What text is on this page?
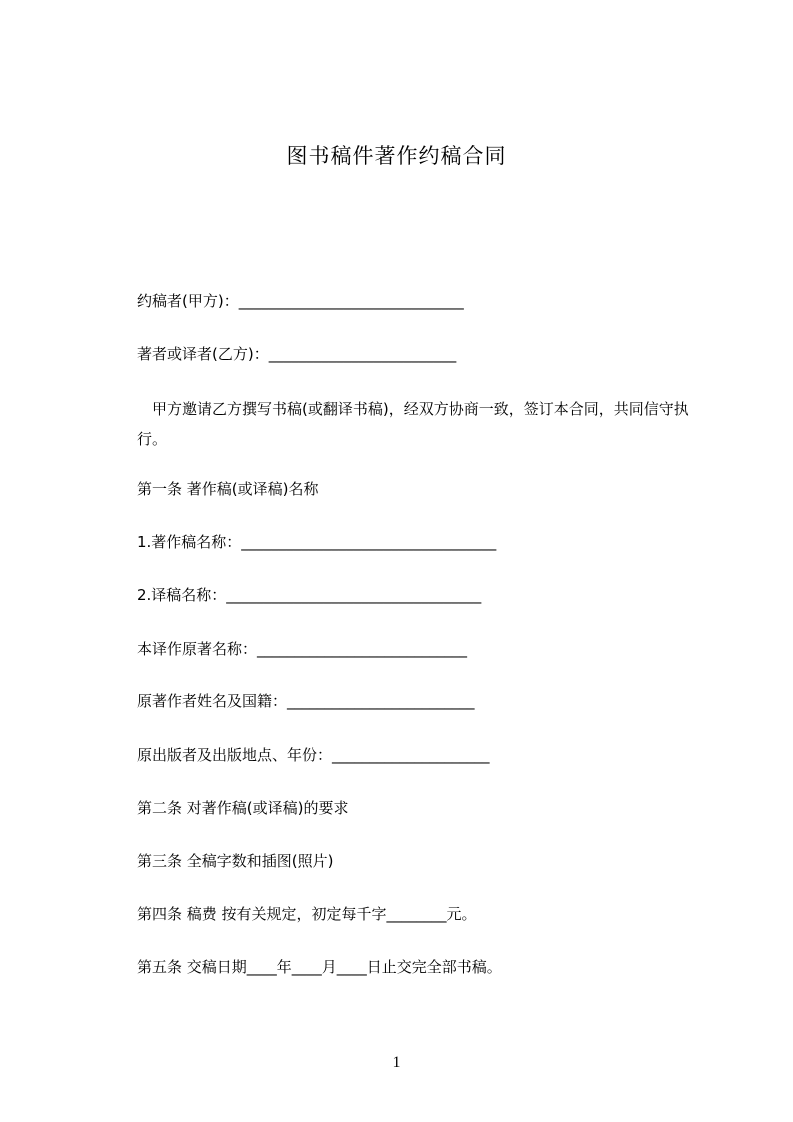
图书稿件著作约稿合同
约稿者(甲方)：______________________________
著者或译者(乙方)：_________________________

甲方邀请乙方撰写书稿(或翻译书稿)，经双方协商一致，签订本合同，共同信守执行。

第一条 著作稿(或译稿)名称
1.著作稿名称：__________________________________
2.译稿名称：__________________________________
本译作原著名称：____________________________
原著作者姓名及国籍：_________________________
原出版者及出版地点、年份：_____________________
第二条 对著作稿(或译稿)的要求
第三条 全稿字数和插图(照片)
第四条 稿费 按有关规定，初定每千字________元。
第五条 交稿日期____年____月____日止交完全部书稿。
1
